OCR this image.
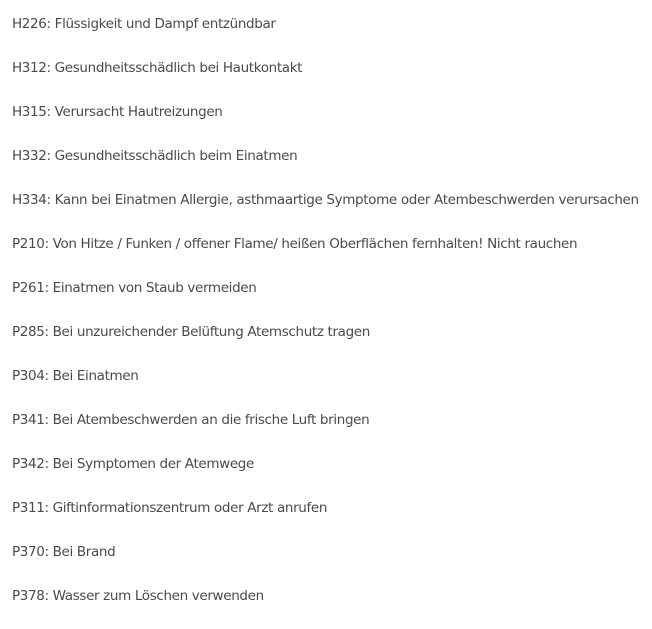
H226: Flüssigkeit und Dampf entzündbar
H312: Gesundheitsschädlich bei Hautkontakt
H315: Verursacht Hautreizungen
H332: Gesundheitsschädlich beim Einatmen
H334: Kann bei Einatmen Allergie, asthmaartige Symptome oder Atembeschwerden verursachen
P210: Von Hitze / Funken / offener Flame/ heißen Oberflächen fernhalten! Nicht rauchen
P261: Einatmen von Staub vermeiden
P285: Bei unzureichender Belüftung Atemschutz tragen
P304: Bei Einatmen
P341: Bei Atembeschwerden an die frische Luft bringen
P342: Bei Symptomen der Atemwege
P311: Giftinformationszentrum oder Arzt anrufen
P370: Bei Brand
P378: Wasser zum Löschen verwenden
